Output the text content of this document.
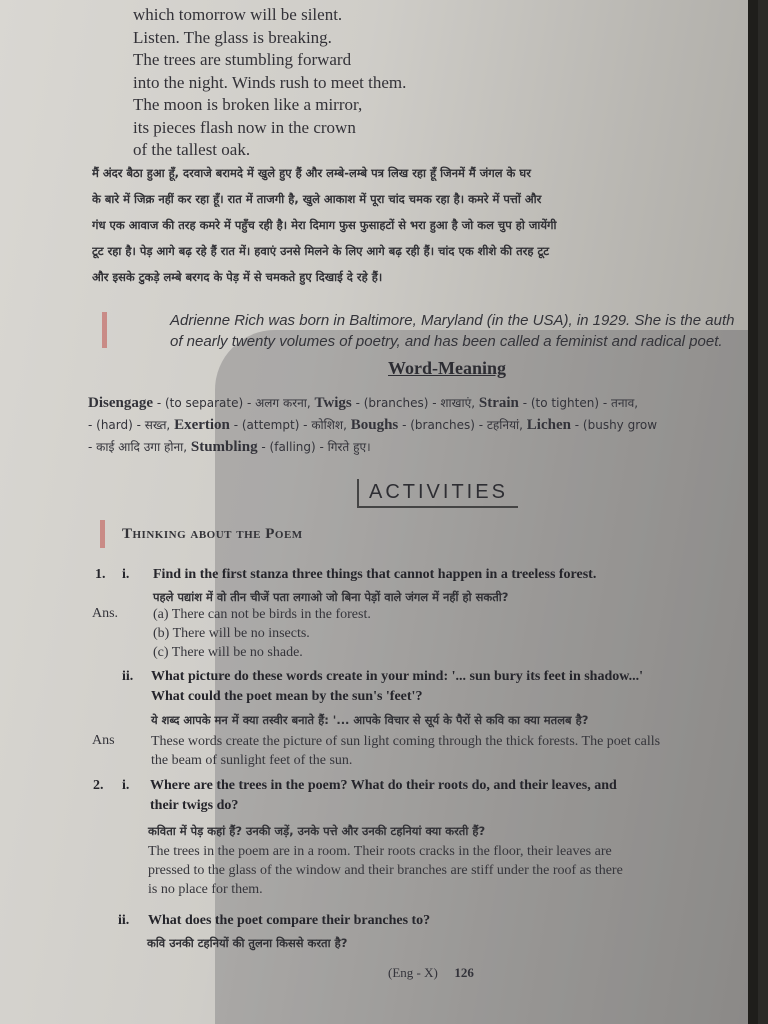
which tomorrow will be silent.
Listen. The glass is breaking.
The trees are stumbling forward
into the night. Winds rush to meet them.
The moon is broken like a mirror,
its pieces flash now in the crown
of the tallest oak.
मैं अंदर बैठा हुआ हूँ, दरवाजे बरामदे में खुले हुए हैं और लम्बे-लम्बे पत्र लिख रहा हूँ जिनमें मैं जंगल के घर
के बारे में जिक्र नहीं कर रहा हूँ। रात में ताजगी है, खुले आकाश में पूरा चांद चमक रहा है। कमरे में पत्तों और
गंध एक आवाज की तरह कमरे में पहुँच रही है। मेरा दिमाग फुस फुसाहटों से भरा हुआ है जो कल चुप हो जायेंगी
टूट रहा है। पेड़ आगे बढ़ रहे हैं रात में। हवाएं उनसे मिलने के लिए आगे बढ़ रही हैं। चांद एक शीशे की तरह टूट
और इसके टुकड़े लम्बे बरगद के पेड़ में से चमकते हुए दिखाई दे रहे हैं।
Adrienne Rich was born in Baltimore, Maryland (in the USA), in 1929. She is the auth
of nearly twenty volumes of poetry, and has been called a feminist and radical poet.
Word-Meaning
Disengage - (to separate) - अलग करना, Twigs - (branches) - शाखाएं, Strain - (to tighten) - तनाव,
- (hard) - सख्त, Exertion - (attempt) - कोशिश, Boughs - (branches) - टहनियां, Lichen - (bushy grow
- काई आदि उगा होना, Stumbling - (falling) - गिरते हुए।
ACTIVITIES
Thinking about the Poem
1. i. Find in the first stanza three things that cannot happen in a treeless forest.
पहले पद्यांश में वो तीन चीजें पता लगाओ जो बिना पेड़ों वाले जंगल में नहीं हो सकती?
Ans. (a) There can not be birds in the forest.
(b) There will be no insects.
(c) There will be no shade.
ii. What picture do these words create in your mind: '... sun bury its feet in shadow...'
What could the poet mean by the sun's 'feet'?
ये शब्द आपके मन में क्या तस्वीर बनाते हैं: '... आपके विचार से सूर्य के पैरों से कवि का क्या मतलब है?
Ans	These words create the picture of sun light coming through the thick forests. The poet calls
the beam of sunlight feet of the sun.
2. i. Where are the trees in the poem? What do their roots do, and their leaves, and
their twigs do?
कविता में पेड़ कहां हैं? उनकी जड़ें, उनके पत्ते और उनकी टहनियां क्या करती हैं?
The trees in the poem are in a room. Their roots cracks in the floor, their leaves are
pressed to the glass of the window and their branches are stiff under the roof as there
is no place for them.
ii. What does the poet compare their branches to?
कवि उनकी टहनियों की तुलना किससे करता है?
(Eng - X) 126
